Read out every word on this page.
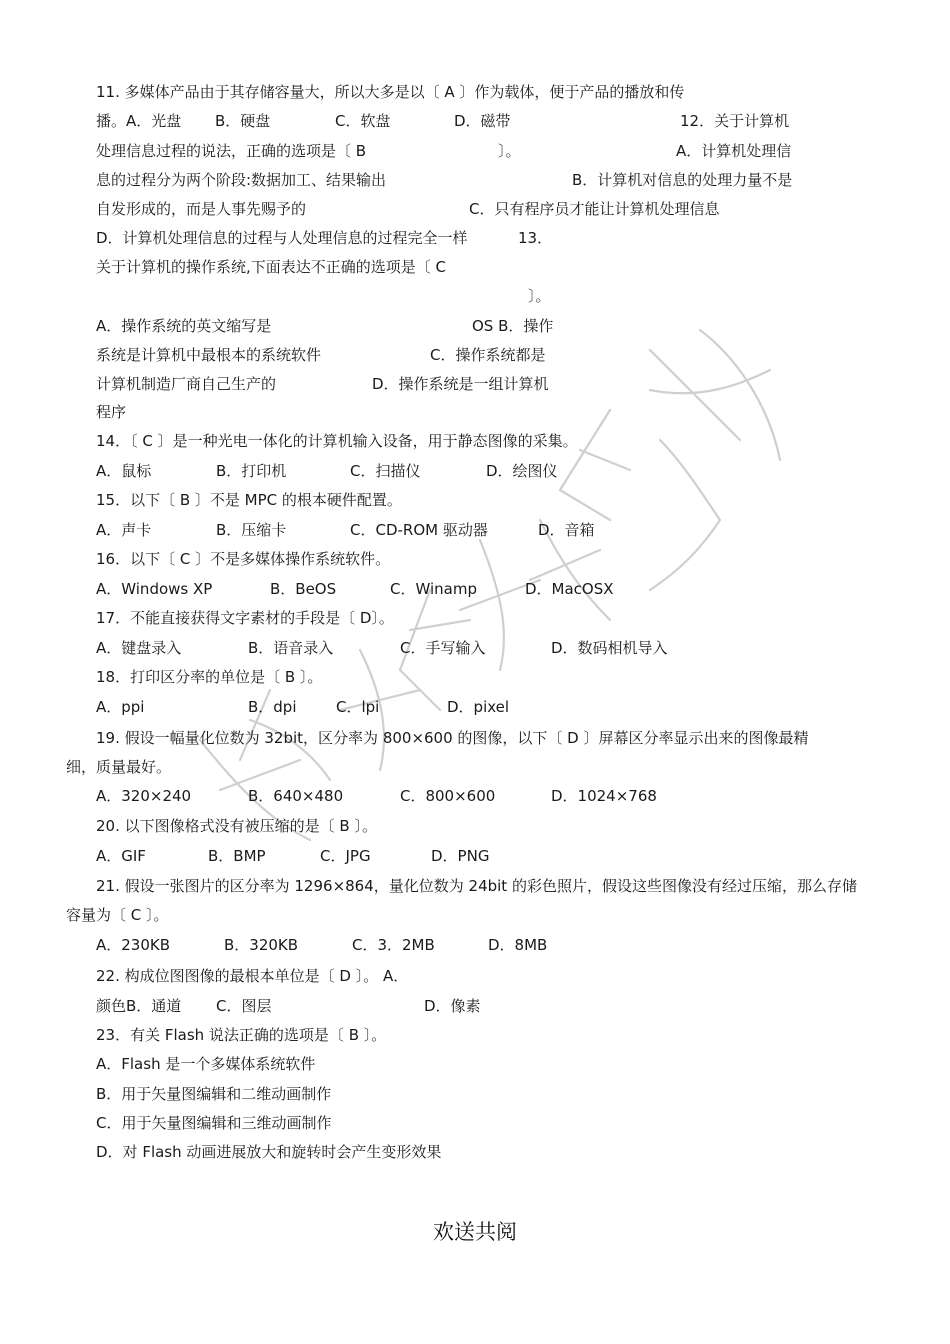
11. 多媒体产品由于其存储容量大，所以大多是以〔 A 〕作为载体，便于产品的播放和传
播。A．光盘 B．硬盘	C．软盘	D．磁带	12．关于计算机
处理信息过程的说法，正确的选项是〔 B	〕。	A．计算机处理信
息的过程分为两个阶段:数据加工、结果输出	B．计算机对信息的处理力量不是
自发形成的，而是人事先赐予的	C．只有程序员才能让计算机处理信息
D．计算机处理信息的过程与人处理信息的过程完全一样	13．
关于计算机的操作系统,下面表达不正确的选项是〔 C
〕。
A．操作系统的英文缩写是	OS B．操作
系统是计算机中最根本的系统软件	C．操作系统都是
计算机制造厂商自己生产的	D．操作系统是一组计算机
程序
14．〔 C 〕是一种光电一体化的计算机输入设备，用于静态图像的采集。
A．鼠标	B．打印机	C．扫描仪	D．绘图仪
15．以下〔 B 〕不是 MPC 的根本硬件配置。
A．声卡	B．压缩卡	C．CD-ROM 驱动器	D．音箱
16．以下〔 C 〕不是多媒体操作系统软件。
A．Windows XP	B．BeOS	C．Winamp	D．MacOSX
17．不能直接获得文字素材的手段是〔 D〕。
A．键盘录入	B．语音录入	C．手写输入	D．数码相机导入
18．打印区分率的单位是〔 B 〕。
A．ppi	B．dpi	C．lpi	D．pixel
19. 假设一幅量化位数为 32bit，区分率为 800×600 的图像，以下〔 D 〕屏幕区分率显示出来的图像最精
细，质量最好。
A．320×240	B．640×480	C．800×600	D．1024×768
20. 以下图像格式没有被压缩的是〔 B 〕。
A．GIF	B．BMP	C．JPG	D．PNG
21. 假设一张图片的区分率为 1296×864，量化位数为 24bit 的彩色照片，假设这些图像没有经过压缩，那么存储
容量为〔 C 〕。
A．230KB	B．320KB	C．3．2MB	D．8MB
22. 构成位图图像的最根本单位是〔 D 〕。 A．
颜色B．通道 C．图层	D．像素
23．有关 Flash 说法正确的选项是〔 B 〕。
A．Flash 是一个多媒体系统软件
B．用于矢量图编辑和二维动画制作
C．用于矢量图编辑和三维动画制作
D．对 Flash 动画进展放大和旋转时会产生变形效果
欢送共阅
